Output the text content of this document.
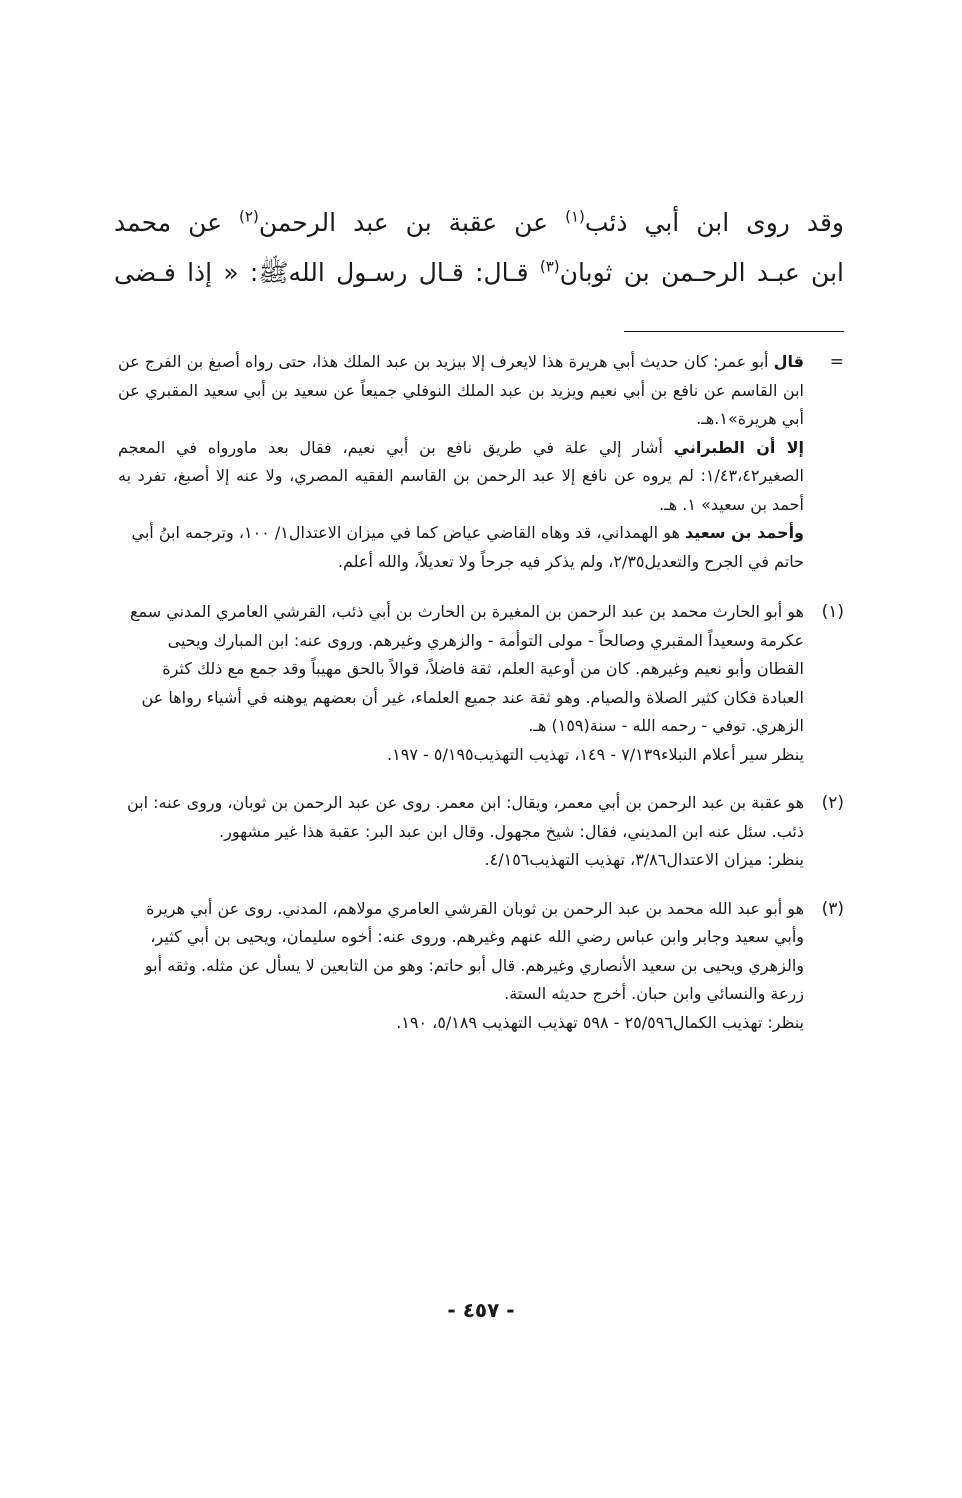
وقد روى ابن أبي ذئب$^{(١)}$ عن عقبة بن عبد الرحمن$^{(٢)}$ عن محمد
ابن عبـد الرحـمن بن ثوبان$^{(٣)}$ قـال: قـال رسـول اللهﷺ: « إذا فـضى
=
قال أبو عمر: كان حديث أبي هريرة هذا لايعرف إلا بيزيد بن عبد الملك هذا، حتى رواه أصبغ بن الفرج عن ابن القاسم عن نافع بن أبي نعيم ويزيد بن عبد الملك النوفلي جميعاً عن سعيد بن أبي سعيد المقبري عن أبي هريرة»١.هـ.
إلا أن الطبراني أشار إلي علة في طريق نافع بن أبي نعيم، فقال بعد ماورواه في المعجم الصغير١/٤٣،٤٢: لم يروه عن نافع إلا عبد الرحمن بن القاسم الفقيه المصري، ولا عنه إلا أصبغ، تفرد به أحمد بن سعيد» ١. هـ.
وأحمد بن سعيد هو الهمداني، قد وهاه القاضي عياض كما في ميزان الاعتدال١/ ١٠٠، وترجمه ابنُ أبي حاتم في الجرح والتعديل٢/٣٥، ولم يذكر فيه جرحاً ولا تعديلاً، والله أعلم.
(١)
هو أبو الحارث محمد بن عبد الرحمن بن المغيرة بن الحارث بن أبي ذئب، القرشي العامري المدني سمع عكرمة وسعيداً المقبري وصالحاً - مولى التوأمة - والزهري وغيرهم. وروى عنه: ابن المبارك ويحيى القطان وأبو نعيم وغيرهم. كان من أوعية العلم، ثقة فاضلاً، قوالاً بالحق مهيباً وقد جمع مع ذلك كثرة العبادة فكان كثير الصلاة والصيام. وهو ثقة عند جميع العلماء، غير أن بعضهم يوهنه في أشياء رواها عن الزهري. توفي - رحمه الله - سنة(١٥٩) هـ.
ينظر سير أعلام النبلاء٧/١٣٩ - ١٤٩، تهذيب التهذيب٥/١٩٥ - ١٩٧.
(٢)
هو عقبة بن عبد الرحمن بن أبي معمر، ويقال: ابن معمر. روى عن عبد الرحمن بن ثوبان، وروى عنه: ابن ذئب. سئل عنه ابن المديني، فقال: شيخ مجهول. وقال ابن عبد البر: عقبة هذا غير مشهور.
ينظر: ميزان الاعتدال٣/٨٦، تهذيب التهذيب٤/١٥٦.
(٣)
هو أبو عبد الله محمد بن عبد الرحمن بن ثوبان القرشي العامري مولاهم، المدني. روى عن أبي هريرة وأبي سعيد وجابر وابن عباس رضي الله عنهم وغيرهم. وروى عنه: أخوه سليمان، ويحيى بن أبي كثير، والزهري ويحيى بن سعيد الأنصاري وغيرهم. قال أبو حاتم: وهو من التابعين لا يسأل عن مثله. وثقه أبو زرعة والنسائي وابن حبان. أخرج حديثه الستة.
ينظر: تهذيب الكمال٢٥/٥٩٦ - ٥٩٨ تهذيب التهذيب ٥/١٨٩، ١٩٠.
- ٤٥٧ -
